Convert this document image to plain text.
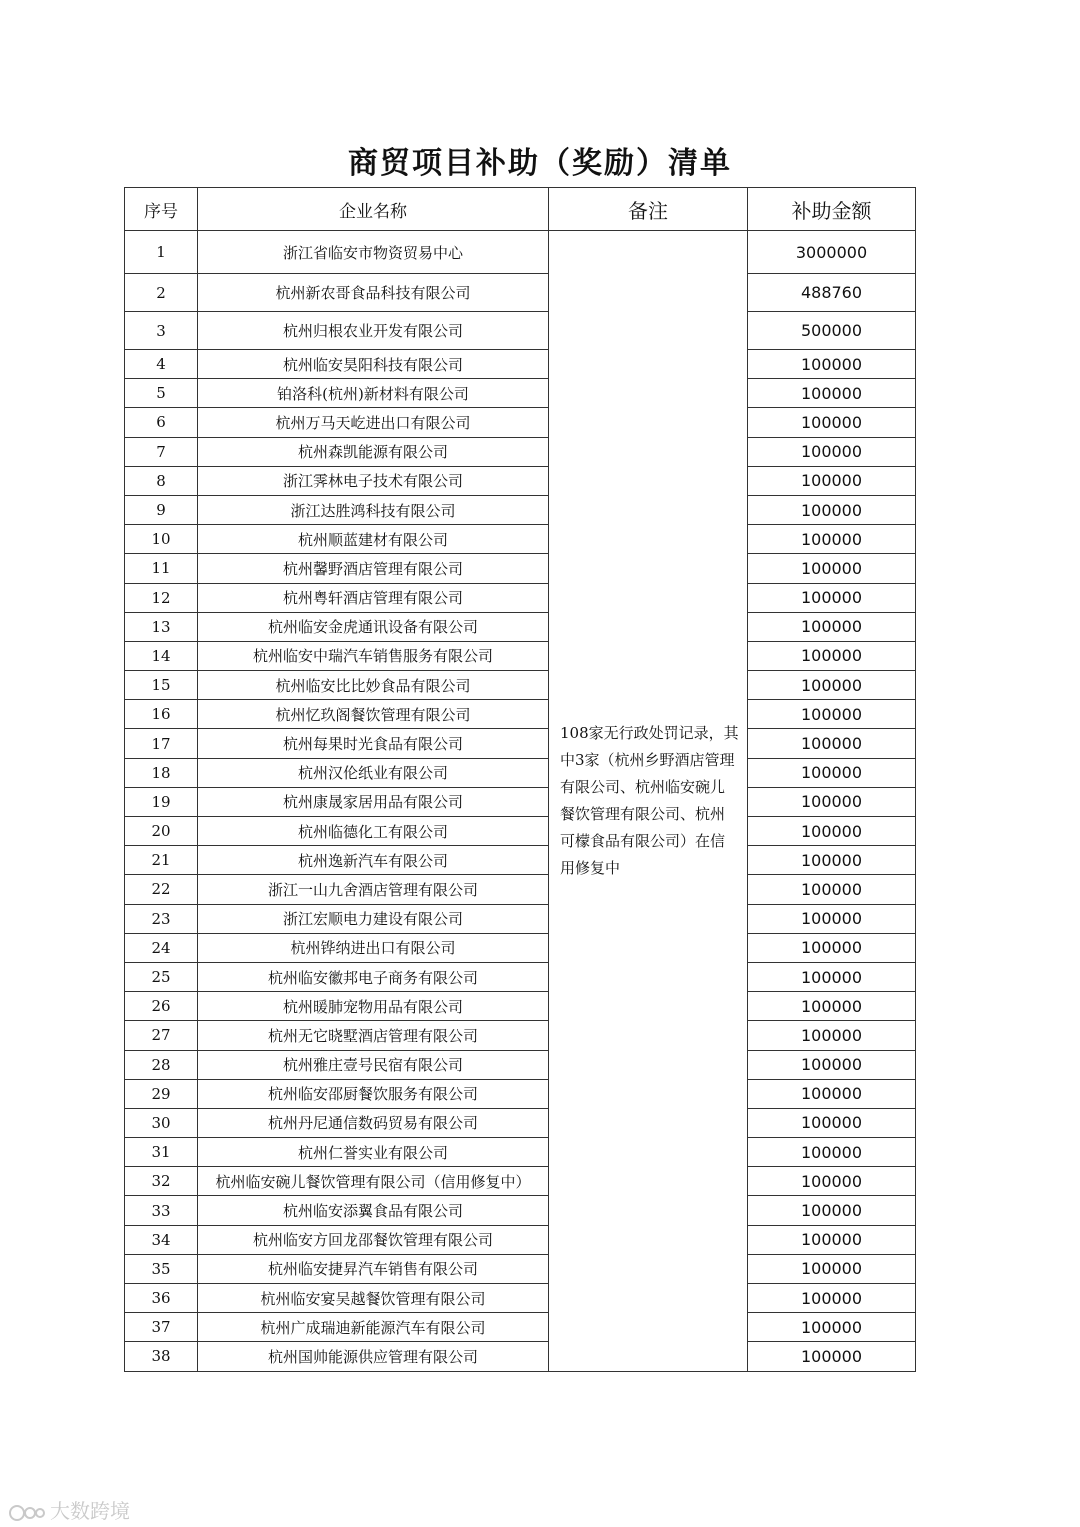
商贸项目补助（奖励）清单
序号	企业名称	备注	补助金额
1	浙江省临安市物资贸易中心	108家无行政处罚记录，其中3家（杭州乡野酒店管理有限公司、杭州临安碗儿餐饮管理有限公司、杭州可檬食品有限公司）在信用修复中	3000000
2	杭州新农哥食品科技有限公司		488760
3	杭州归根农业开发有限公司		500000
4	杭州临安昊阳科技有限公司		100000
5	铂洛科(杭州)新材料有限公司		100000
6	杭州万马天屹进出口有限公司		100000
7	杭州森凯能源有限公司		100000
8	浙江霁林电子技术有限公司		100000
9	浙江达胜鸿科技有限公司		100000
10	杭州顺蓝建材有限公司		100000
11	杭州馨野酒店管理有限公司		100000
12	杭州粤轩酒店管理有限公司		100000
13	杭州临安金虎通讯设备有限公司		100000
14	杭州临安中瑞汽车销售服务有限公司		100000
15	杭州临安比比妙食品有限公司		100000
16	杭州忆玖阁餐饮管理有限公司		100000
17	杭州每果时光食品有限公司		100000
18	杭州汉伦纸业有限公司		100000
19	杭州康晟家居用品有限公司		100000
20	杭州临德化工有限公司		100000
21	杭州逸新汽车有限公司		100000
22	浙江一山九舍酒店管理有限公司		100000
23	浙江宏顺电力建设有限公司		100000
24	杭州铧纳进出口有限公司		100000
25	杭州临安徽邦电子商务有限公司		100000
26	杭州暖肺宠物用品有限公司		100000
27	杭州无它晓墅酒店管理有限公司		100000
28	杭州雅庄壹号民宿有限公司		100000
29	杭州临安邵厨餐饮服务有限公司		100000
30	杭州丹尼通信数码贸易有限公司		100000
31	杭州仁誉实业有限公司		100000
32	杭州临安碗儿餐饮管理有限公司（信用修复中）		100000
33	杭州临安添翼食品有限公司		100000
34	杭州临安方回龙邵餐饮管理有限公司		100000
35	杭州临安捷昇汽车销售有限公司		100000
36	杭州临安宴吴越餐饮管理有限公司		100000
37	杭州广成瑞迪新能源汽车有限公司		100000
38	杭州国帅能源供应管理有限公司		100000
大数跨境
